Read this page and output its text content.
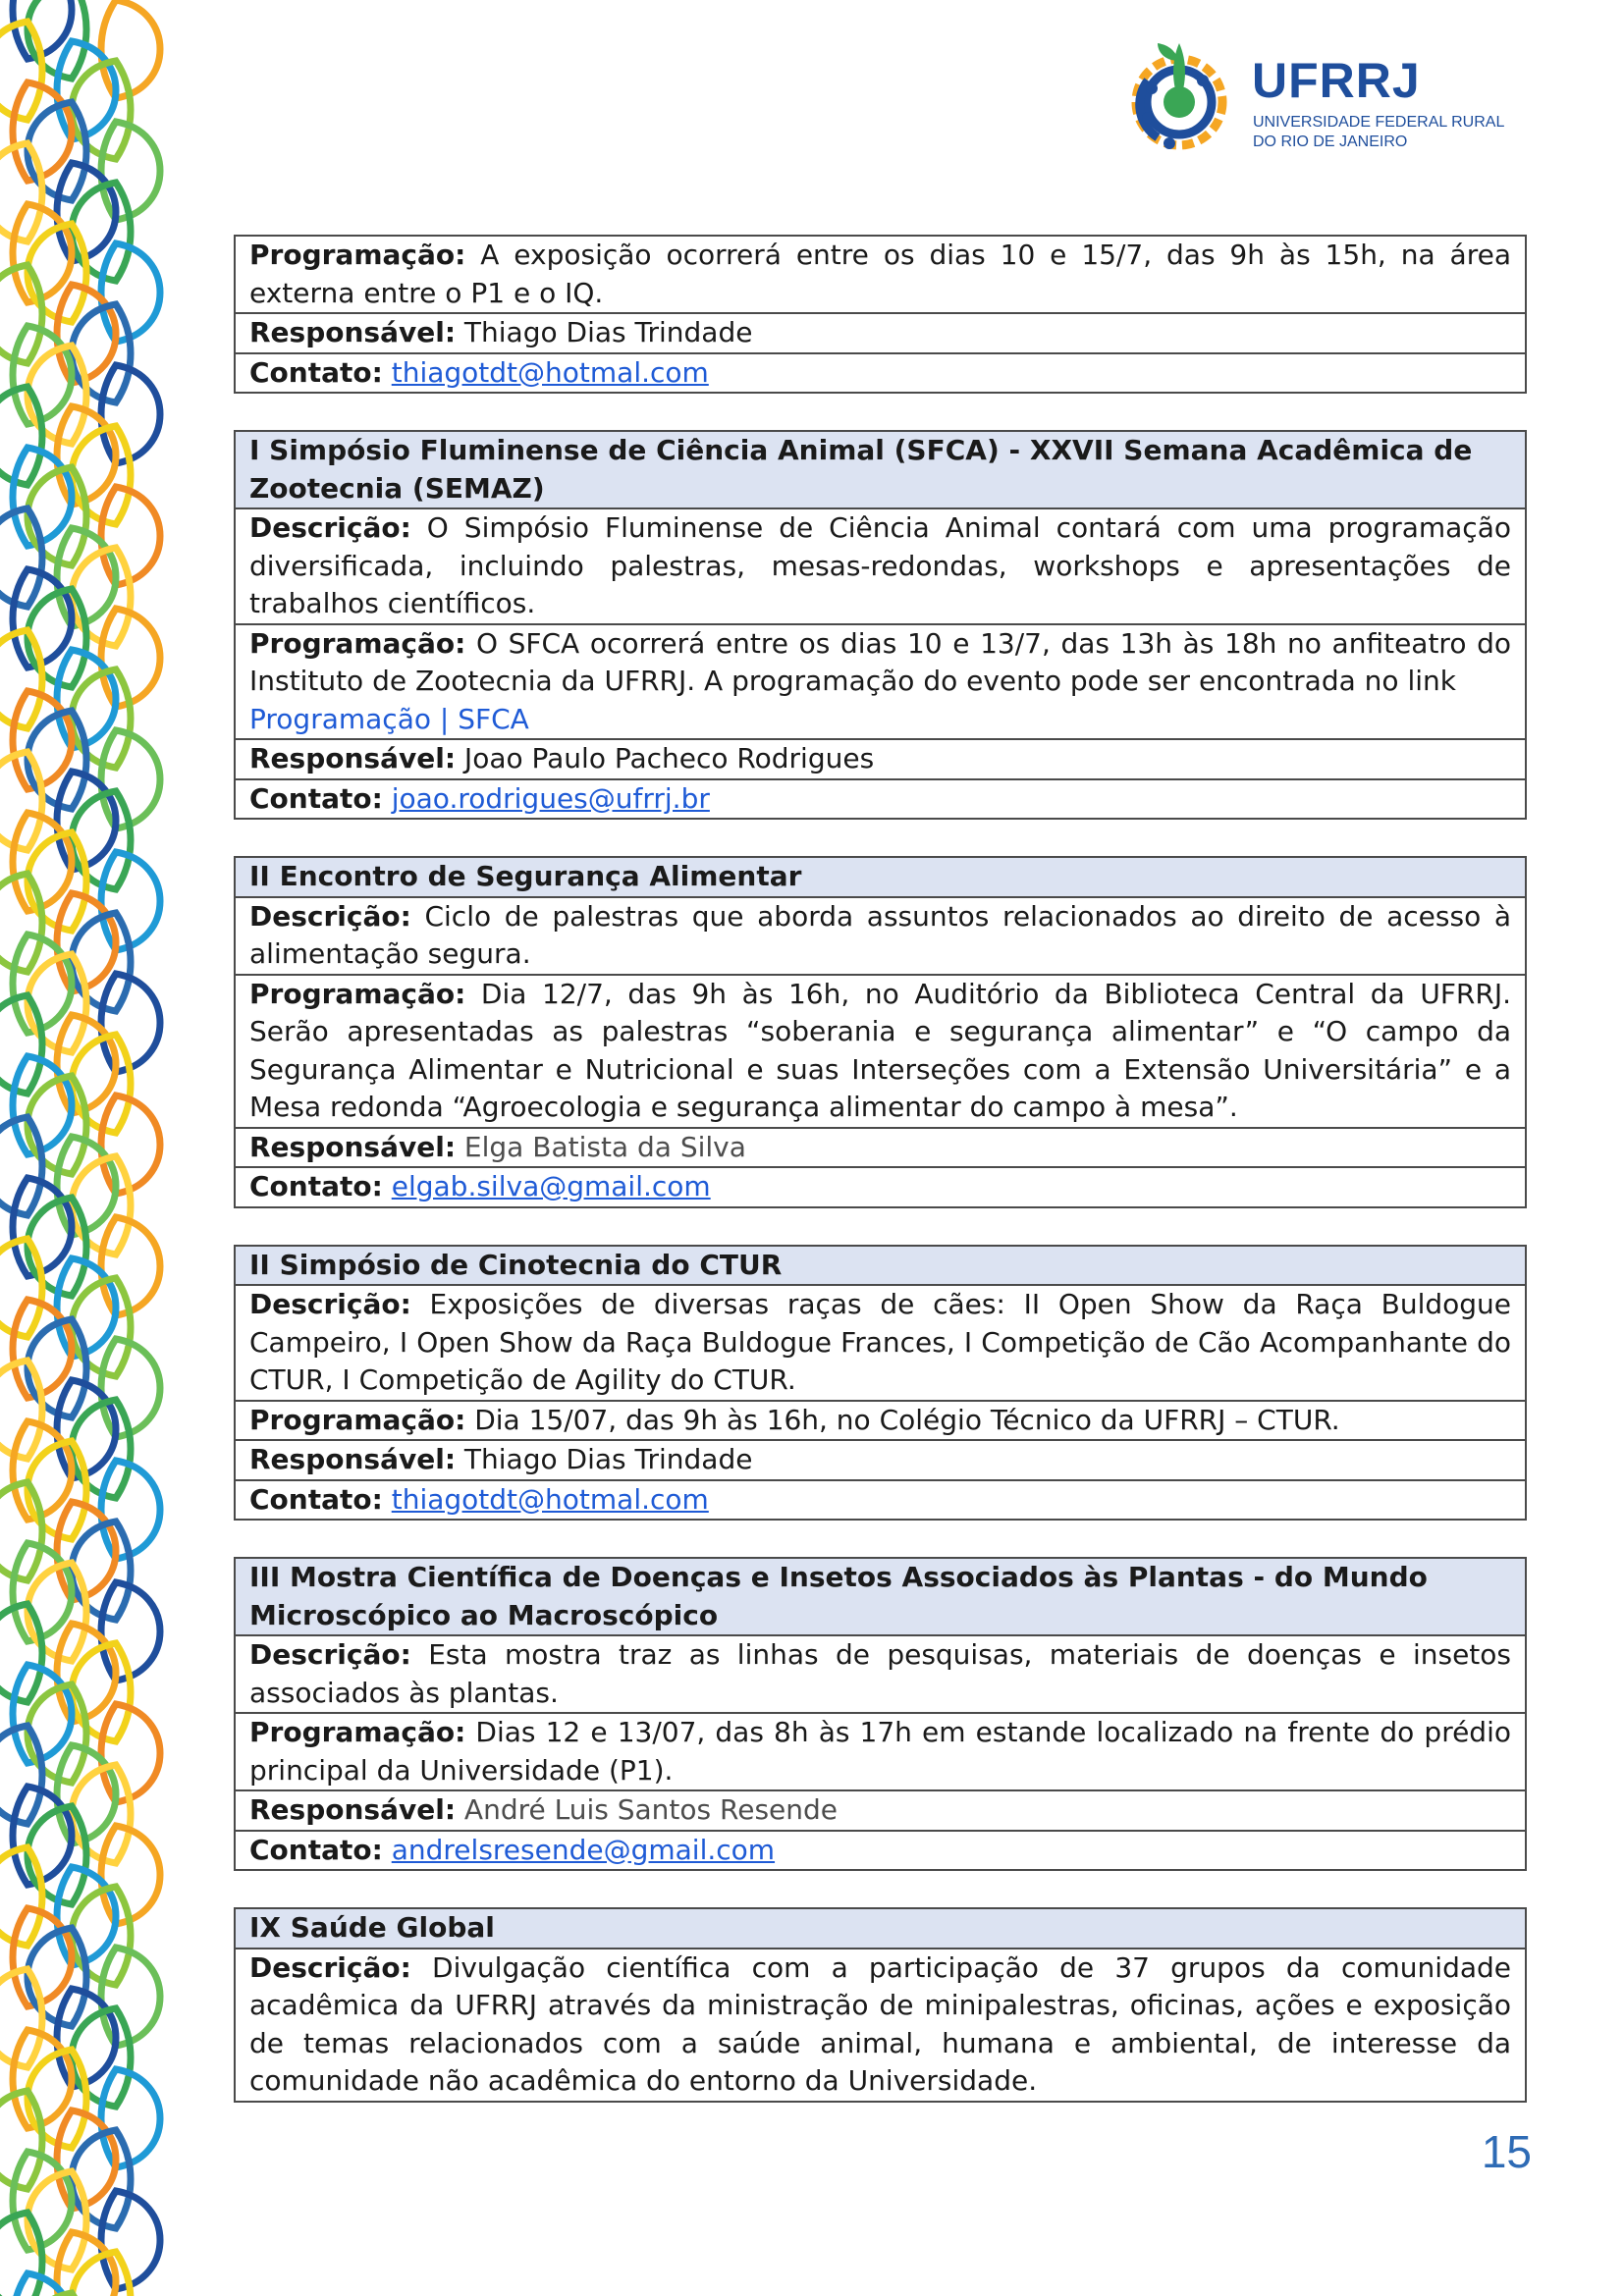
UFRRJ
UNIVERSIDADE FEDERAL RURAL DO RIO DE JANEIRO
Programação: A exposição ocorrerá entre os dias 10 e 15/7, das 9h às 15h, na área externa entre o P1 e o IQ.
Responsável: Thiago Dias Trindade
Contato: thiagotdt@hotmal.com
I Simpósio Fluminense de Ciência Animal (SFCA) - XXVII Semana Acadêmica de Zootecnia (SEMAZ)
Descrição: O Simpósio Fluminense de Ciência Animal contará com uma programação diversificada, incluindo palestras, mesas-redondas, workshops e apresentações de trabalhos científicos.
Programação: O SFCA ocorrerá entre os dias 10 e 13/7, das 13h às 18h no anfiteatro do Instituto de Zootecnia da UFRRJ. A programação do evento pode ser encontrada no link
Programação | SFCA
Responsável: Joao Paulo Pacheco Rodrigues
Contato: joao.rodrigues@ufrrj.br
II Encontro de Segurança Alimentar
Descrição: Ciclo de palestras que aborda assuntos relacionados ao direito de acesso à alimentação segura.
Programação: Dia 12/7, das 9h às 16h, no Auditório da Biblioteca Central da UFRRJ. Serão apresentadas as palestras “soberania e segurança alimentar” e “O campo da Segurança Alimentar e Nutricional e suas Interseções com a Extensão Universitária” e a Mesa redonda “Agroecologia e segurança alimentar do campo à mesa”.
Responsável: Elga Batista da Silva
Contato: elgab.silva@gmail.com
II Simpósio de Cinotecnia do CTUR
Descrição: Exposições de diversas raças de cães: II Open Show da Raça Buldogue Campeiro, I Open Show da Raça Buldogue Frances, I Competição de Cão Acompanhante do CTUR, I Competição de Agility do CTUR.
Programação: Dia 15/07, das 9h às 16h, no Colégio Técnico da UFRRJ – CTUR.
Responsável: Thiago Dias Trindade
Contato: thiagotdt@hotmal.com
III Mostra Científica de Doenças e Insetos Associados às Plantas - do Mundo Microscópico ao Macroscópico
Descrição: Esta mostra traz as linhas de pesquisas, materiais de doenças e insetos associados às plantas.
Programação: Dias 12 e 13/07, das 8h às 17h em estande localizado na frente do prédio principal da Universidade (P1).
Responsável: André Luis Santos Resende
Contato: andrelsresende@gmail.com
IX Saúde Global
Descrição: Divulgação científica com a participação de 37 grupos da comunidade acadêmica da UFRRJ através da ministração de minipalestras, oficinas, ações e exposição de temas relacionados com a saúde animal, humana e ambiental, de interesse da comunidade não acadêmica do entorno da Universidade.
15
